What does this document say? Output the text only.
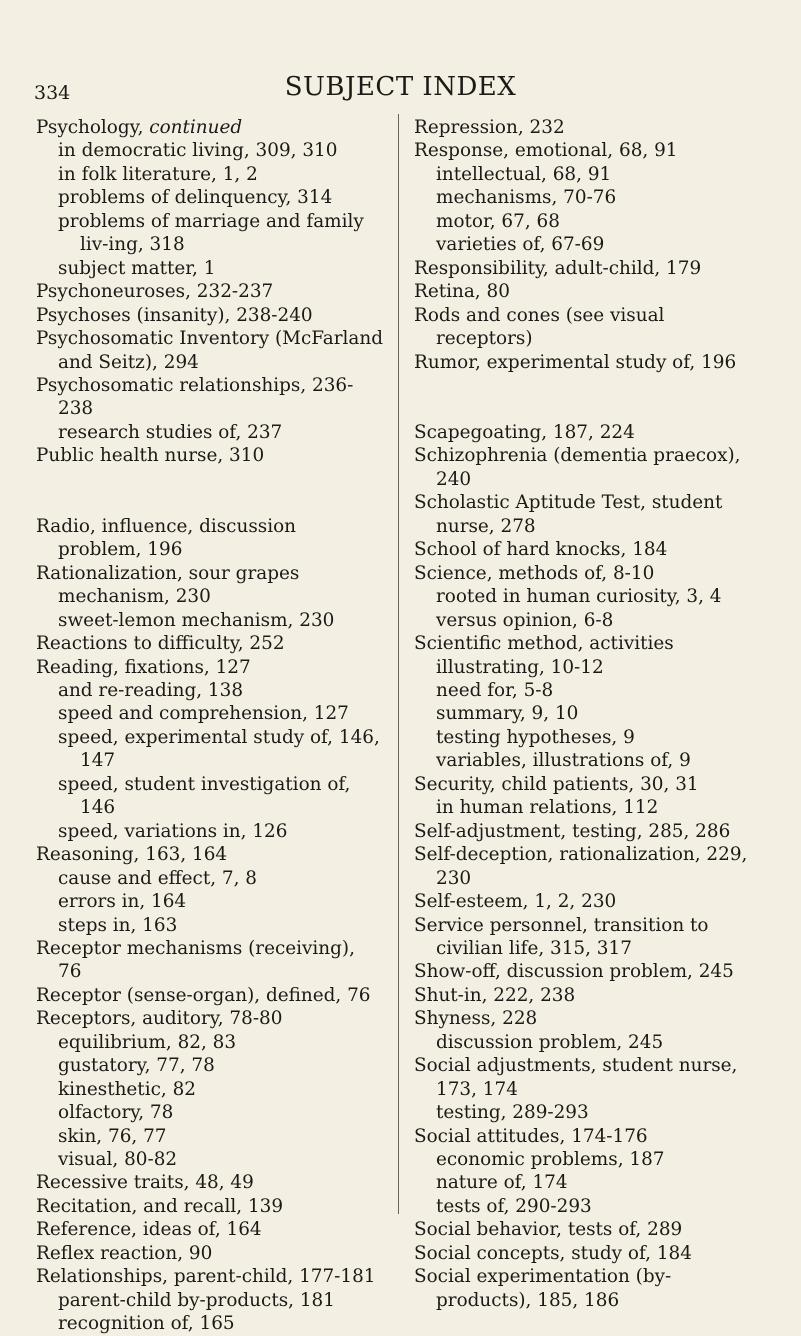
334	SUBJECT INDEX

Psychology, continued

in democratic living, 309, 310

in folk literature, 1, 2

problems of delinquency, 314

problems of marriage and family liv-ing, 318

subject matter, 1

Psychoneuroses, 232-237

Psychoses (insanity), 238-240

Psychosomatic Inventory (McFarland and Seitz), 294

Psychosomatic relationships, 236-238

research studies of, 237

Public health nurse, 310

Radio, influence, discussion problem, 196

Rationalization, sour grapes mechanism, 230

sweet-lemon mechanism, 230

Reactions to difficulty, 252

Reading, fixations, 127

and re-reading, 138

speed and comprehension, 127

speed, experimental study of, 146, 147

speed, student investigation of, 146

speed, variations in, 126

Reasoning, 163, 164

cause and effect, 7, 8

errors in, 164

steps in, 163

Receptor mechanisms (receiving), 76

Receptor (sense-organ), defined, 76

Receptors, auditory, 78-80

equilibrium, 82, 83

gustatory, 77, 78

kinesthetic, 82

olfactory, 78

skin, 76, 77

visual, 80-82

Recessive traits, 48, 49

Recitation, and recall, 139

Reference, ideas of, 164

Reflex reaction, 90

Relationships, parent-child, 177-181

parent-child by-products, 181

recognition of, 165

Repression, 232

Response, emotional, 68, 91

intellectual, 68, 91

mechanisms, 70-76

motor, 67, 68

varieties of, 67-69

Responsibility, adult-child, 179

Retina, 80

Rods and cones (see visual receptors)

Rumor, experimental study of, 196

Scapegoating, 187, 224

Schizophrenia (dementia praecox), 240

Scholastic Aptitude Test, student nurse, 278

School of hard knocks, 184

Science, methods of, 8-10

rooted in human curiosity, 3, 4

versus opinion, 6-8

Scientific method, activities illustrating, 10-12

need for, 5-8

summary, 9, 10

testing hypotheses, 9

variables, illustrations of, 9

Security, child patients, 30, 31

in human relations, 112

Self-adjustment, testing, 285, 286

Self-deception, rationalization, 229, 230

Self-esteem, 1, 2, 230

Service personnel, transition to civilian life, 315, 317

Show-off, discussion problem, 245

Shut-in, 222, 238

Shyness, 228

discussion problem, 245

Social adjustments, student nurse, 173, 174

testing, 289-293

Social attitudes, 174-176

economic problems, 187

nature of, 174

tests of, 290-293

Social behavior, tests of, 289

Social concepts, study of, 184

Social experimentation (by-products), 185, 186
